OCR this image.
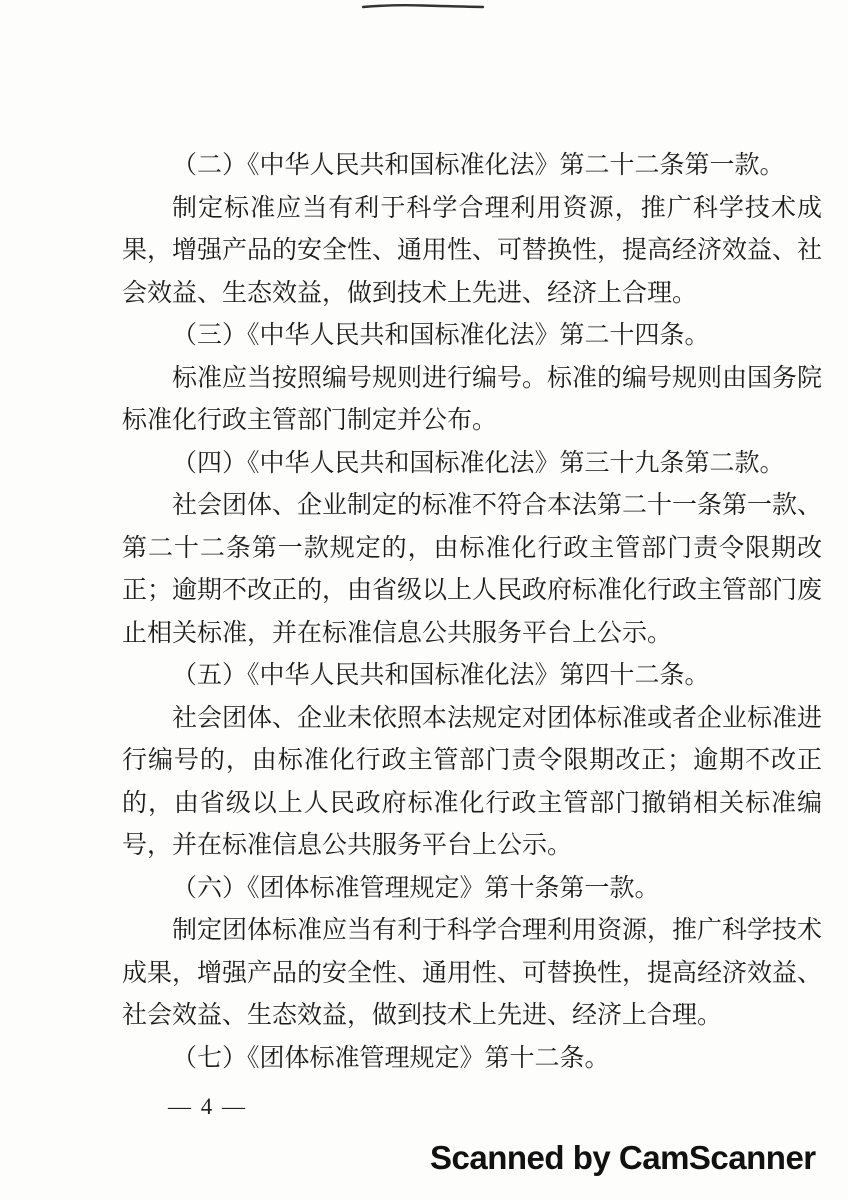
（二）《中华人民共和国标准化法》第二十二条第一款。

制定标准应当有利于科学合理利用资源，推广科学技术成果，增强产品的安全性、通用性、可替换性，提高经济效益、社会效益、生态效益，做到技术上先进、经济上合理。

（三）《中华人民共和国标准化法》第二十四条。

标准应当按照编号规则进行编号。标准的编号规则由国务院标准化行政主管部门制定并公布。

（四）《中华人民共和国标准化法》第三十九条第二款。

社会团体、企业制定的标准不符合本法第二十一条第一款、第二十二条第一款规定的，由标准化行政主管部门责令限期改正；逾期不改正的，由省级以上人民政府标准化行政主管部门废止相关标准，并在标准信息公共服务平台上公示。

（五）《中华人民共和国标准化法》第四十二条。

社会团体、企业未依照本法规定对团体标准或者企业标准进行编号的，由标准化行政主管部门责令限期改正；逾期不改正的，由省级以上人民政府标准化行政主管部门撤销相关标准编号，并在标准信息公共服务平台上公示。

（六）《团体标准管理规定》第十条第一款。

制定团体标准应当有利于科学合理利用资源，推广科学技术成果，增强产品的安全性、通用性、可替换性，提高经济效益、社会效益、生态效益，做到技术上先进、经济上合理。

（七）《团体标准管理规定》第十二条。

— 4 —
Scanned by CamScanner
